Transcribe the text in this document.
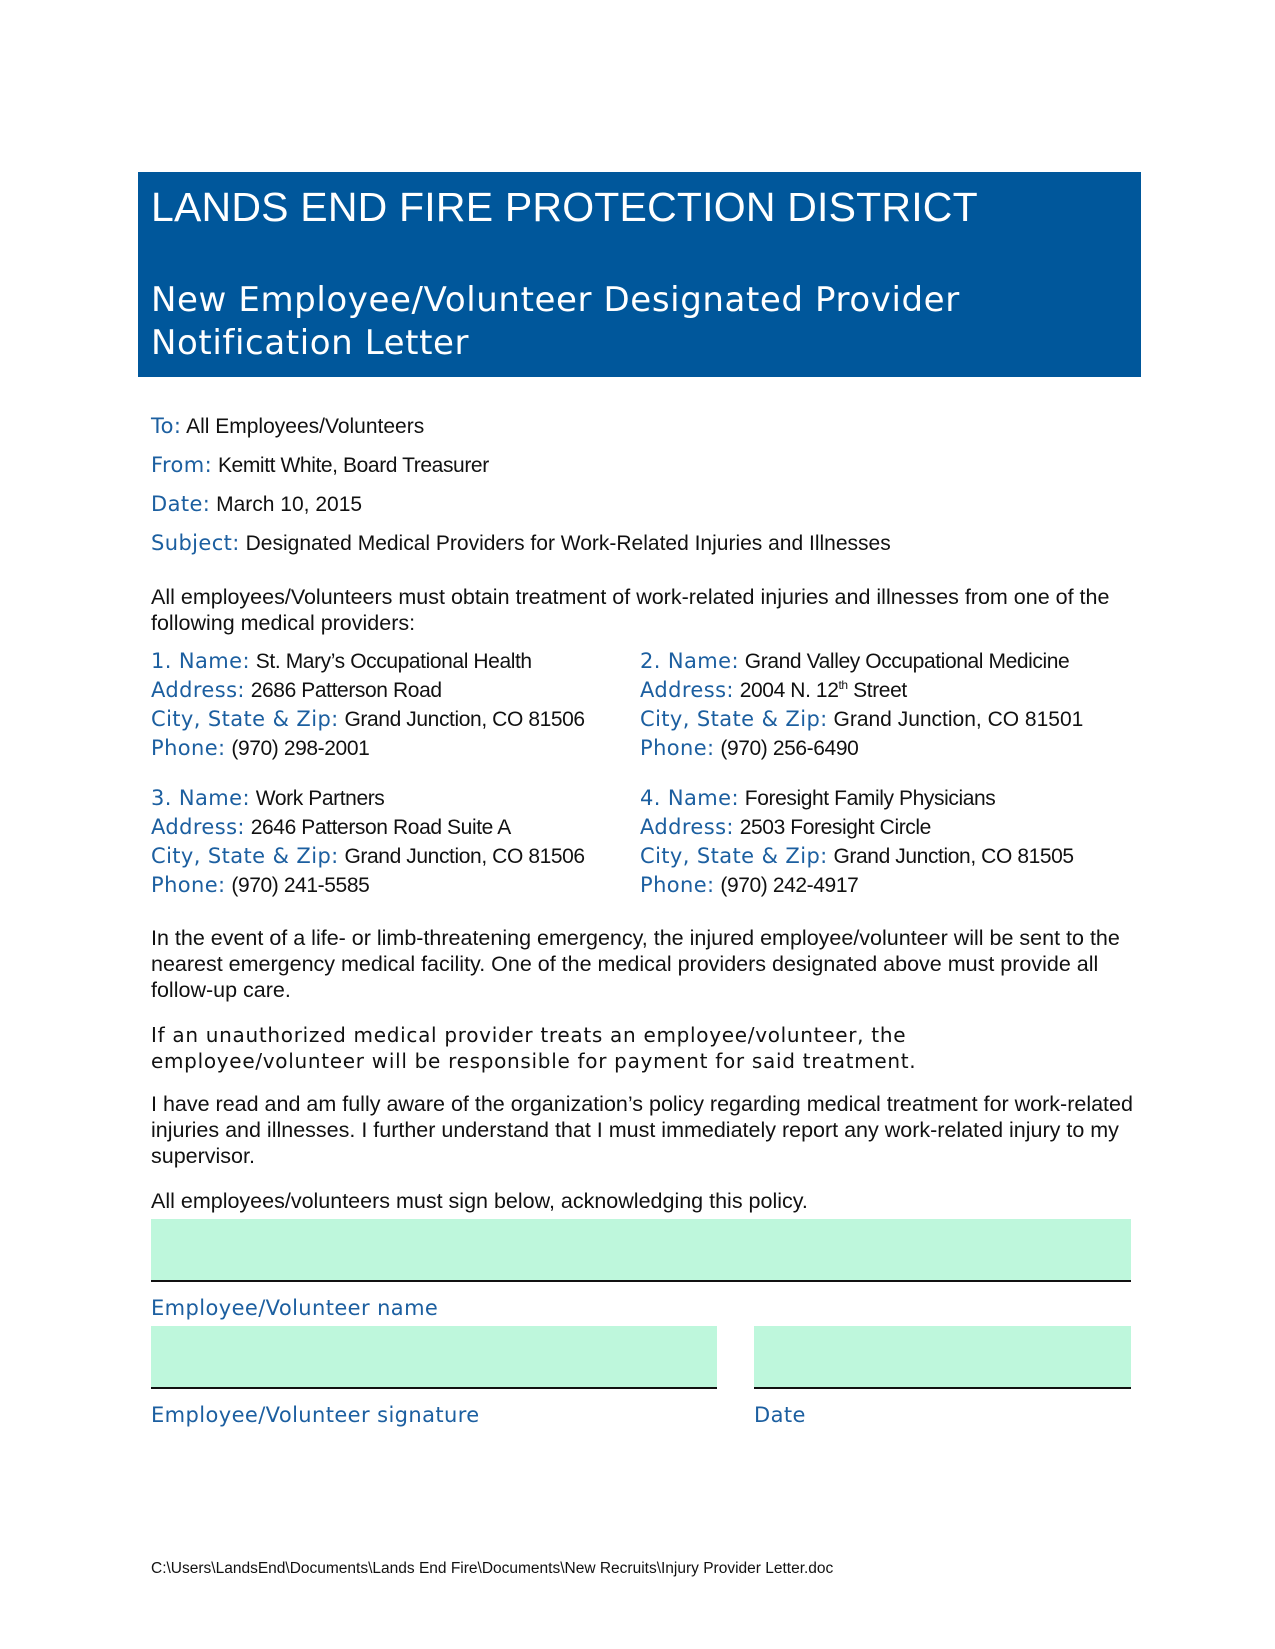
LANDS END FIRE PROTECTION DISTRICT
New Employee/Volunteer Designated Provider Notification Letter
To: All Employees/Volunteers
From: Kemitt White, Board Treasurer
Date: March 10, 2015
Subject: Designated Medical Providers for Work-Related Injuries and Illnesses
All employees/Volunteers must obtain treatment of work-related injuries and illnesses from one of the following medical providers:
1. Name: St. Mary’s Occupational Health
Address: 2686 Patterson Road
City, State & Zip: Grand Junction, CO 81506
Phone: (970) 298-2001
2. Name: Grand Valley Occupational Medicine
Address: 2004 N. 12th Street
City, State & Zip: Grand Junction, CO 81501
Phone: (970) 256-6490
3. Name: Work Partners
Address: 2646 Patterson Road Suite A
City, State & Zip: Grand Junction, CO 81506
Phone: (970) 241-5585
4. Name: Foresight Family Physicians
Address: 2503 Foresight Circle
City, State & Zip: Grand Junction, CO 81505
Phone: (970) 242-4917
In the event of a life- or limb-threatening emergency, the injured employee/volunteer will be sent to the nearest emergency medical facility. One of the medical providers designated above must provide all follow-up care.
If an unauthorized medical provider treats an employee/volunteer, the employee/volunteer will be responsible for payment for said treatment.
I have read and am fully aware of the organization’s policy regarding medical treatment for work-related injuries and illnesses. I further understand that I must immediately report any work-related injury to my supervisor.
All employees/volunteers must sign below, acknowledging this policy.
Employee/Volunteer name
Employee/Volunteer signature	Date
C:\Users\LandsEnd\Documents\Lands End Fire\Documents\New Recruits\Injury Provider Letter.doc
